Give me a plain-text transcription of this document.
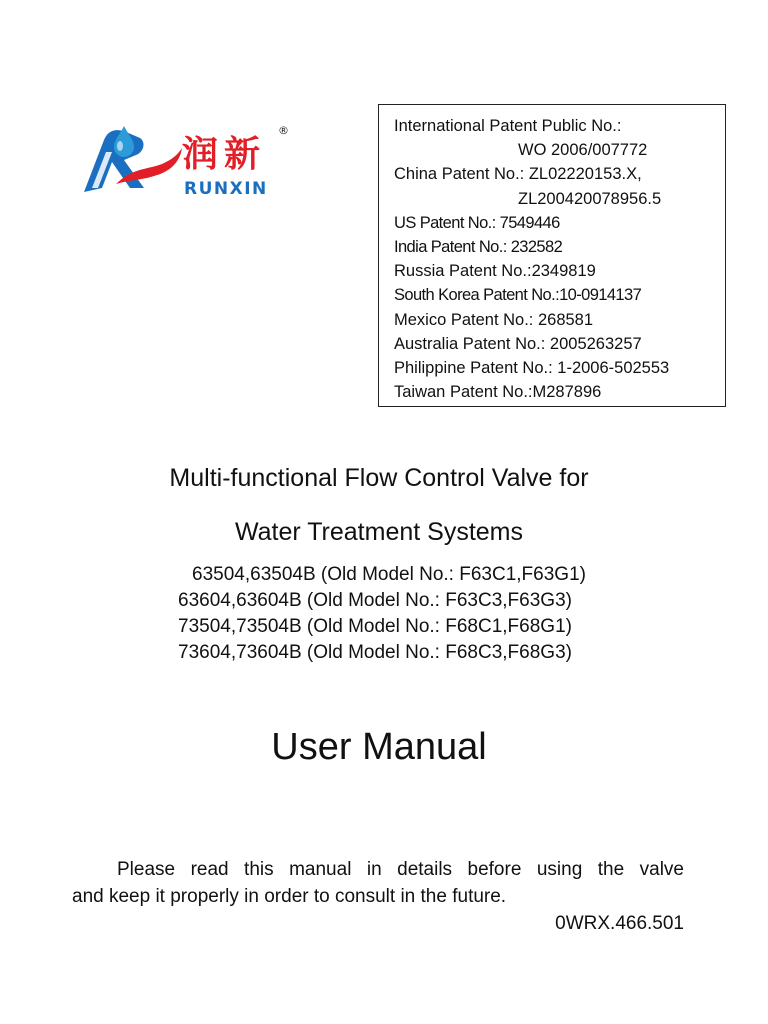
润新
®
RUNXIN
International Patent Public No.:
WO 2006/007772
China Patent No.: ZL02220153.X,
ZL200420078956.5
US Patent No.: 7549446
India Patent No.: 232582
Russia Patent No.:2349819
South Korea Patent No.:10-0914137
Mexico Patent No.: 268581
Australia Patent No.: 2005263257
Philippine Patent No.: 1-2006-502553
Taiwan Patent No.:M287896
Multi-functional Flow Control Valve for
Water Treatment Systems
63504,63504B (Old Model No.: F63C1,F63G1)
63604,63604B (Old Model No.: F63C3,F63G3)
73504,73504B (Old Model No.: F68C1,F68G1)
73604,73604B (Old Model No.: F68C3,F68G3)
User Manual
Please read this manual in details before using the valve
and keep it properly in order to consult in the future.
0WRX.466.501
